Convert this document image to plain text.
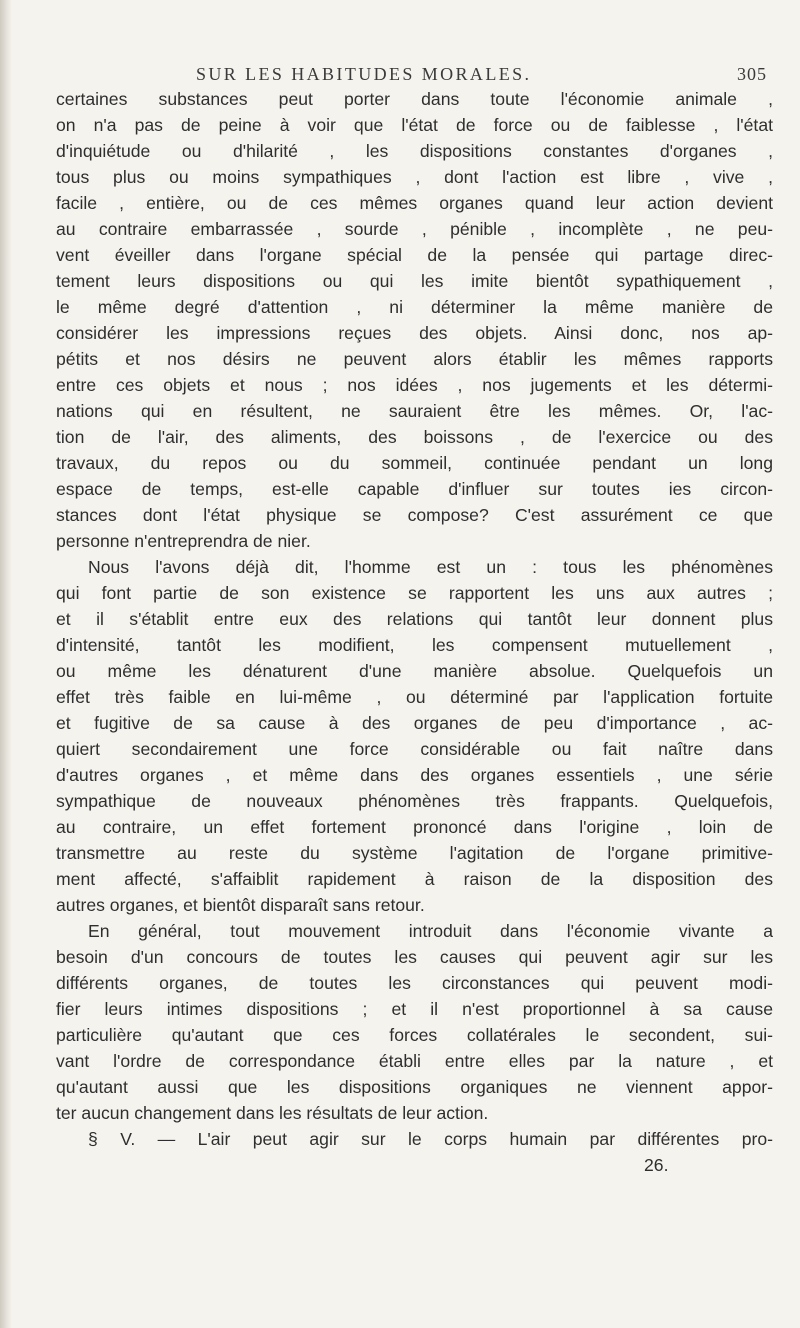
SUR LES HABITUDES MORALES.	305
certaines substances peut porter dans toute l'économie animale ,
on n'a pas de peine à voir que l'état de force ou de faiblesse , l'état
d'inquiétude ou d'hilarité , les dispositions constantes d'organes ,
tous plus ou moins sympathiques , dont l'action est libre , vive ,
facile , entière, ou de ces mêmes organes quand leur action devient
au contraire embarrassée , sourde , pénible , incomplète , ne peu-
vent éveiller dans l'organe spécial de la pensée qui partage direc-
tement leurs dispositions ou qui les imite bientôt sypathiquement ,
le même degré d'attention , ni déterminer la même manière de
considérer les impressions reçues des objets. Ainsi donc, nos ap-
pétits et nos désirs ne peuvent alors établir les mêmes rapports
entre ces objets et nous ; nos idées , nos jugements et les détermi-
nations qui en résultent, ne sauraient être les mêmes. Or, l'ac-
tion de l'air, des aliments, des boissons , de l'exercice ou des
travaux, du repos ou du sommeil, continuée pendant un long
espace de temps, est-elle capable d'influer sur toutes ies circon-
stances dont l'état physique se compose? C'est assurément ce que
personne n'entreprendra de nier.
Nous l'avons déjà dit, l'homme est un : tous les phénomènes
qui font partie de son existence se rapportent les uns aux autres ;
et il s'établit entre eux des relations qui tantôt leur donnent plus
d'intensité, tantôt les modifient, les compensent mutuellement ,
ou même les dénaturent d'une manière absolue. Quelquefois un
effet très faible en lui-même , ou déterminé par l'application fortuite
et fugitive de sa cause à des organes de peu d'importance , ac-
quiert secondairement une force considérable ou fait naître dans
d'autres organes , et même dans des organes essentiels , une série
sympathique de nouveaux phénomènes très frappants. Quelquefois,
au contraire, un effet fortement prononcé dans l'origine , loin de
transmettre au reste du système l'agitation de l'organe primitive-
ment affecté, s'affaiblit rapidement à raison de la disposition des
autres organes, et bientôt disparaît sans retour.
En général, tout mouvement introduit dans l'économie vivante a
besoin d'un concours de toutes les causes qui peuvent agir sur les
différents organes, de toutes les circonstances qui peuvent modi-
fier leurs intimes dispositions ; et il n'est proportionnel à sa cause
particulière qu'autant que ces forces collatérales le secondent, sui-
vant l'ordre de correspondance établi entre elles par la nature , et
qu'autant aussi que les dispositions organiques ne viennent appor-
ter aucun changement dans les résultats de leur action.
§ V. — L'air peut agir sur le corps humain par différentes pro-
26.
